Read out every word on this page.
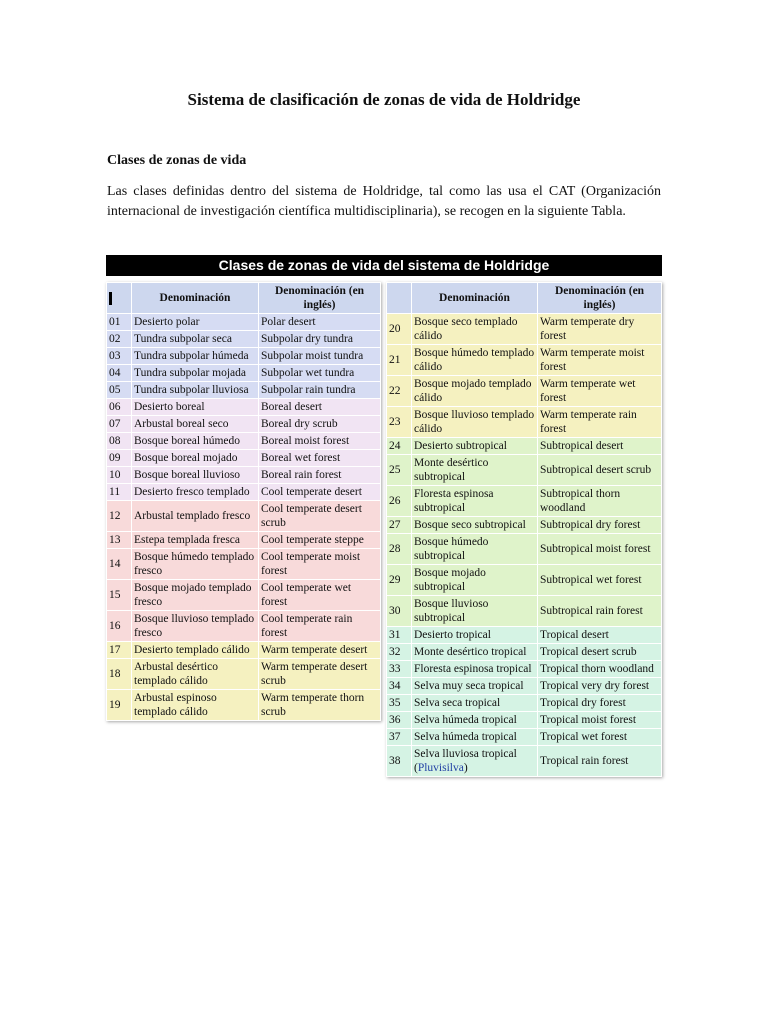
Sistema de clasificación de zonas de vida de Holdridge
Clases de zonas de vida

Las clases definidas dentro del sistema de Holdridge, tal como las usa el CAT (Organización internacional de investigación científica multidisciplinaria), se recogen en la siguiente Tabla.

Clases de zonas de vida del sistema de Holdridge
	Denominación	Denominación (en inglés)
01	Desierto polar	Polar desert
02	Tundra subpolar seca	Subpolar dry tundra
03	Tundra subpolar húmeda	Subpolar moist tundra
04	Tundra subpolar mojada	Subpolar wet tundra
05	Tundra subpolar lluviosa	Subpolar rain tundra
06	Desierto boreal	Boreal desert
07	Arbustal boreal seco	Boreal dry scrub
08	Bosque boreal húmedo	Boreal moist forest
09	Bosque boreal mojado	Boreal wet forest
10	Bosque boreal lluvioso	Boreal rain forest
11	Desierto fresco templado	Cool temperate desert
12	Arbustal templado fresco	Cool temperate desert scrub
13	Estepa templada fresca	Cool temperate steppe
14	Bosque húmedo templado fresco	Cool temperate moist forest
15	Bosque mojado templado fresco	Cool temperate wet forest
16	Bosque lluvioso templado fresco	Cool temperate rain forest
17	Desierto templado cálido	Warm temperate desert
18	Arbustal desértico templado cálido	Warm temperate desert scrub
19	Arbustal espinoso templado cálido	Warm temperate thorn scrub
	Denominación	Denominación (en inglés)
20	Bosque seco templado cálido	Warm temperate dry forest
21	Bosque húmedo templado cálido	Warm temperate moist forest
22	Bosque mojado templado cálido	Warm temperate wet forest
23	Bosque lluvioso templado cálido	Warm temperate rain forest
24	Desierto subtropical	Subtropical desert
25	Monte desértico subtropical	Subtropical desert scrub
26	Floresta espinosa subtropical	Subtropical thorn woodland
27	Bosque seco subtropical	Subtropical dry forest
28	Bosque húmedo subtropical	Subtropical moist forest
29	Bosque mojado subtropical	Subtropical wet forest
30	Bosque lluvioso subtropical	Subtropical rain forest
31	Desierto tropical	Tropical desert
32	Monte desértico tropical	Tropical desert scrub
33	Floresta espinosa tropical	Tropical thorn woodland
34	Selva muy seca tropical	Tropical very dry forest
35	Selva seca tropical	Tropical dry forest
36	Selva húmeda tropical	Tropical moist forest
37	Selva húmeda tropical	Tropical wet forest
38	Selva lluviosa tropical (Pluvisilva)	Tropical rain forest
